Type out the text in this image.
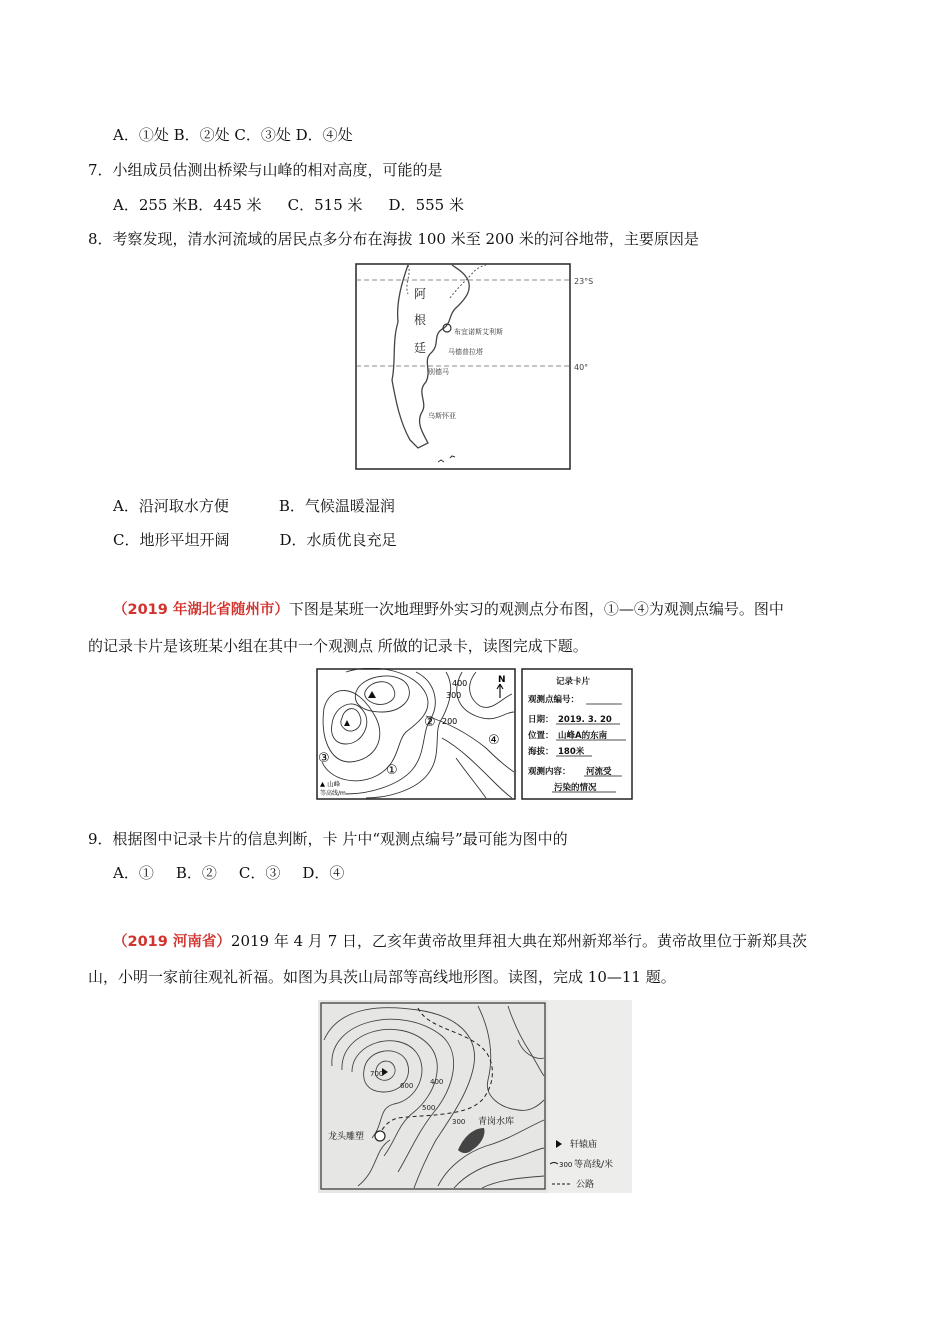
A．①处 B．②处 C．③处 D．④处
7．小组成员估测出桥梁与山峰的相对高度，可能的是
A．255 米B．445 米 C．515 米 D．555 米
8．考察发现，清水河流域的居民点多分布在海拔 100 米至 200 米的河谷地带，主要原因是
阿
根
廷
布宜诺斯艾利斯
马德普拉塔
别德马
乌斯怀亚
23°S
40°
A．沿河取水方便	B．气候温暖湿润
C．地形平坦开阔	D．水质优良充足
（2019 年湖北省随州市）下图是某班一次地理野外实习的观测点分布图，①—④为观测点编号。图中
的记录卡片是该班某小组在其中一个观测点 所做的记录卡，读图完成下题。
N
400
300
200
②
④
③
①
▲ 山峰
等高线/m
记录卡片
观测点编号：
日期： 2019. 3. 20
位置： 山峰A的东南
海拔： 180米
观测内容： 河流受
污染的情况
9．根据图中记录卡片的信息判断，卡 片中“观测点编号”最可能为图中的
A．① B．② C．③ D．④
（2019 河南省）2019 年 4 月 7 日，乙亥年黄帝故里拜祖大典在郑州新郑举行。黄帝故里位于新郑具茨
山，小明一家前往观礼祈福。如图为具茨山局部等高线地形图。读图，完成 10—11 题。
700
600
500
400
300
龙头雕塑
青岗水库
轩辕庙
300 等高线/米
公路
